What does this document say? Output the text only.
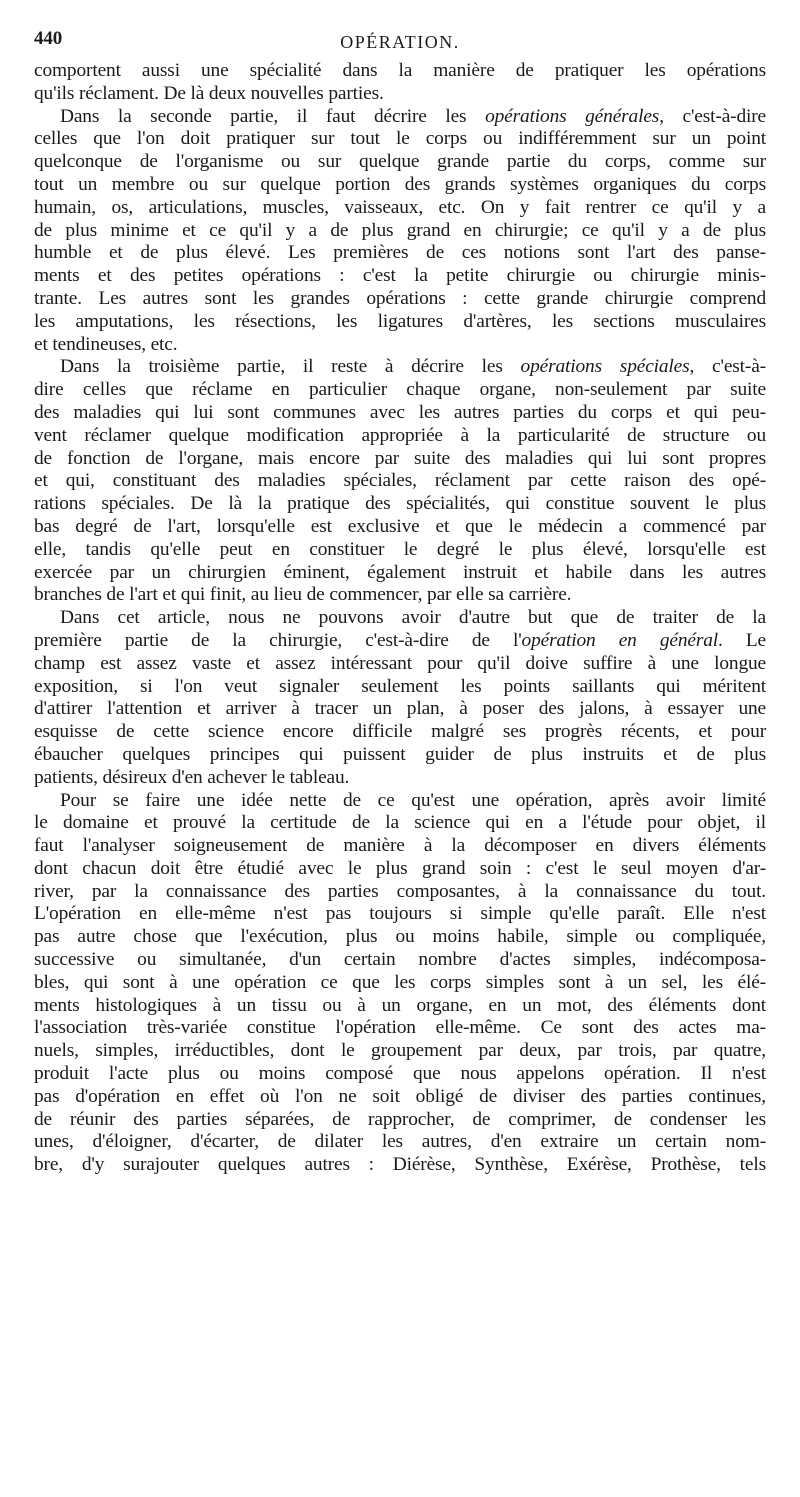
440	OPÉRATION.
comportent aussi une spécialité dans la manière de pratiquer les opérations
qu'ils réclament. De là deux nouvelles parties.
Dans la seconde partie, il faut décrire les opérations générales, c'est-à-dire
celles que l'on doit pratiquer sur tout le corps ou indifféremment sur un point
quelconque de l'organisme ou sur quelque grande partie du corps, comme sur
tout un membre ou sur quelque portion des grands systèmes organiques du corps
humain, os, articulations, muscles, vaisseaux, etc. On y fait rentrer ce qu'il y a
de plus minime et ce qu'il y a de plus grand en chirurgie; ce qu'il y a de plus
humble et de plus élevé. Les premières de ces notions sont l'art des panse-
ments et des petites opérations : c'est la petite chirurgie ou chirurgie minis-
trante. Les autres sont les grandes opérations : cette grande chirurgie comprend
les amputations, les résections, les ligatures d'artères, les sections musculaires
et tendineuses, etc.
Dans la troisième partie, il reste à décrire les opérations spéciales, c'est-à-
dire celles que réclame en particulier chaque organe, non-seulement par suite
des maladies qui lui sont communes avec les autres parties du corps et qui peu-
vent réclamer quelque modification appropriée à la particularité de structure ou
de fonction de l'organe, mais encore par suite des maladies qui lui sont propres
et qui, constituant des maladies spéciales, réclament par cette raison des opé-
rations spéciales. De là la pratique des spécialités, qui constitue souvent le plus
bas degré de l'art, lorsqu'elle est exclusive et que le médecin a commencé par
elle, tandis qu'elle peut en constituer le degré le plus élevé, lorsqu'elle est
exercée par un chirurgien éminent, également instruit et habile dans les autres
branches de l'art et qui finit, au lieu de commencer, par elle sa carrière.
Dans cet article, nous ne pouvons avoir d'autre but que de traiter de la
première partie de la chirurgie, c'est-à-dire de l'opération en général. Le
champ est assez vaste et assez intéressant pour qu'il doive suffire à une longue
exposition, si l'on veut signaler seulement les points saillants qui méritent
d'attirer l'attention et arriver à tracer un plan, à poser des jalons, à essayer une
esquisse de cette science encore difficile malgré ses progrès récents, et pour
ébaucher quelques principes qui puissent guider de plus instruits et de plus
patients, désireux d'en achever le tableau.
Pour se faire une idée nette de ce qu'est une opération, après avoir limité
le domaine et prouvé la certitude de la science qui en a l'étude pour objet, il
faut l'analyser soigneusement de manière à la décomposer en divers éléments
dont chacun doit être étudié avec le plus grand soin : c'est le seul moyen d'ar-
river, par la connaissance des parties composantes, à la connaissance du tout.
L'opération en elle-même n'est pas toujours si simple qu'elle paraît. Elle n'est
pas autre chose que l'exécution, plus ou moins habile, simple ou compliquée,
successive ou simultanée, d'un certain nombre d'actes simples, indécomposa-
bles, qui sont à une opération ce que les corps simples sont à un sel, les élé-
ments histologiques à un tissu ou à un organe, en un mot, des éléments dont
l'association très-variée constitue l'opération elle-même. Ce sont des actes ma-
nuels, simples, irréductibles, dont le groupement par deux, par trois, par quatre,
produit l'acte plus ou moins composé que nous appelons opération. Il n'est
pas d'opération en effet où l'on ne soit obligé de diviser des parties continues,
de réunir des parties séparées, de rapprocher, de comprimer, de condenser les
unes, d'éloigner, d'écarter, de dilater les autres, d'en extraire un certain nom-
bre, d'y surajouter quelques autres : Diérèse, Synthèse, Exérèse, Prothèse, tels
